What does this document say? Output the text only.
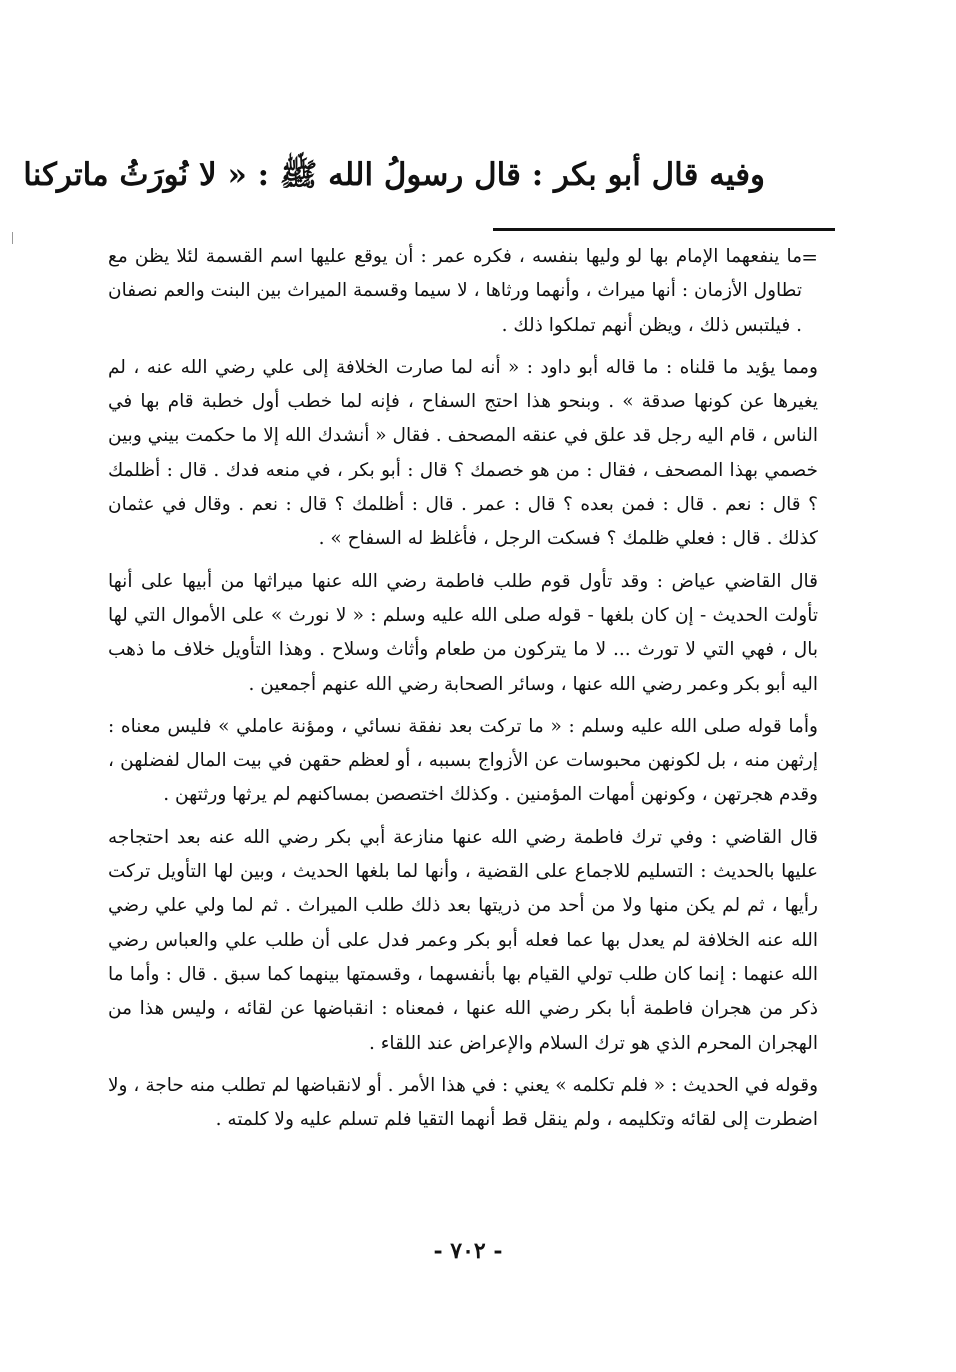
وفيه قال أبو بكر : قال رسولُ الله ﷺ : « لا نُورَثُ ماتركنا

=
ما ينفعهما الإمام بها لو وليها بنفسه ، فكره عمر : أن يوقع عليها اسم القسمة لئلا يظن مع تطاول الأزمان : أنها ميراث ، وأنهما ورثاها ، لا سيما وقسمة الميراث بين البنت والعم نصفان . فيلتبس ذلك ، ويظن أنهم تملكوا ذلك .

ومما يؤيد ما قلناه : ما قاله أبو داود : « أنه لما صارت الخلافة إلى علي رضي الله عنه ، لم يغيرها عن كونها صدقة » . وبنحو هذا احتج السفاح ، فإنه لما خطب أول خطبة قام بها في الناس ، قام اليه رجل قد علق في عنقه المصحف . فقال « أنشدك الله إلا ما حكمت بيني وبين خصمي بهذا المصحف ، فقال : من هو خصمك ؟ قال : أبو بكر ، في منعه فدك . قال : أظلمك ؟ قال : نعم . قال : فمن بعده ؟ قال : عمر . قال : أظلمك ؟ قال : نعم . وقال في عثمان كذلك . قال : فعلي ظلمك ؟ فسكت الرجل ، فأغلظ له السفاح » .

قال القاضي عياض : وقد تأول قوم طلب فاطمة رضي الله عنها ميراثها من أبيها على أنها تأولت الحديث - إن كان بلغها - قوله صلى الله عليه وسلم : « لا نورث » على الأموال التي لها بال ، فهي التي لا تورث ... لا ما يتركون من طعام وأثاث وسلاح . وهذا التأويل خلاف ما ذهب اليه أبو بكر وعمر رضي الله عنها ، وسائر الصحابة رضي الله عنهم أجمعين .

وأما قوله صلى الله عليه وسلم : « ما تركت بعد نفقة نسائي ، ومؤنة عاملي » فليس معناه : إرثهن منه ، بل لكونهن محبوسات عن الأزواج بسببه ، أو لعظم حقهن في بيت المال لفضلهن ، وقدم هجرتهن ، وكونهن أمهات المؤمنين . وكذلك اختصصن بمساكنهم لم يرثها ورثتهن .

قال القاضي : وفي ترك فاطمة رضي الله عنها منازعة أبي بكر رضي الله عنه بعد احتجاجه عليها بالحديث : التسليم للاجماع على القضية ، وأنها لما بلغها الحديث ، وبين لها التأويل تركت رأيها ، ثم لم يكن منها ولا من أحد من ذريتها بعد ذلك طلب الميراث . ثم لما ولي علي رضي الله عنه الخلافة لم يعدل بها عما فعله أبو بكر وعمر فدل على أن طلب علي والعباس رضي الله عنهما : إنما كان طلب تولي القيام بها بأنفسهما ، وقسمتها بينهما كما سبق . قال : وأما ما ذكر من هجران فاطمة أبا بكر رضي الله عنها ، فمعناه : انقباضها عن لقائه ، وليس هذا من الهجران المحرم الذي هو ترك السلام والإعراض عند اللقاء .

وقوله في الحديث : « فلم تكلمه » يعني : في هذا الأمر . أو لانقباضها لم تطلب منه حاجة ، ولا اضطرت إلى لقائه وتكليمه ، ولم ينقل قط أنهما التقيا فلم تسلم عليه ولا كلمته .

- ٧٠٢ -
